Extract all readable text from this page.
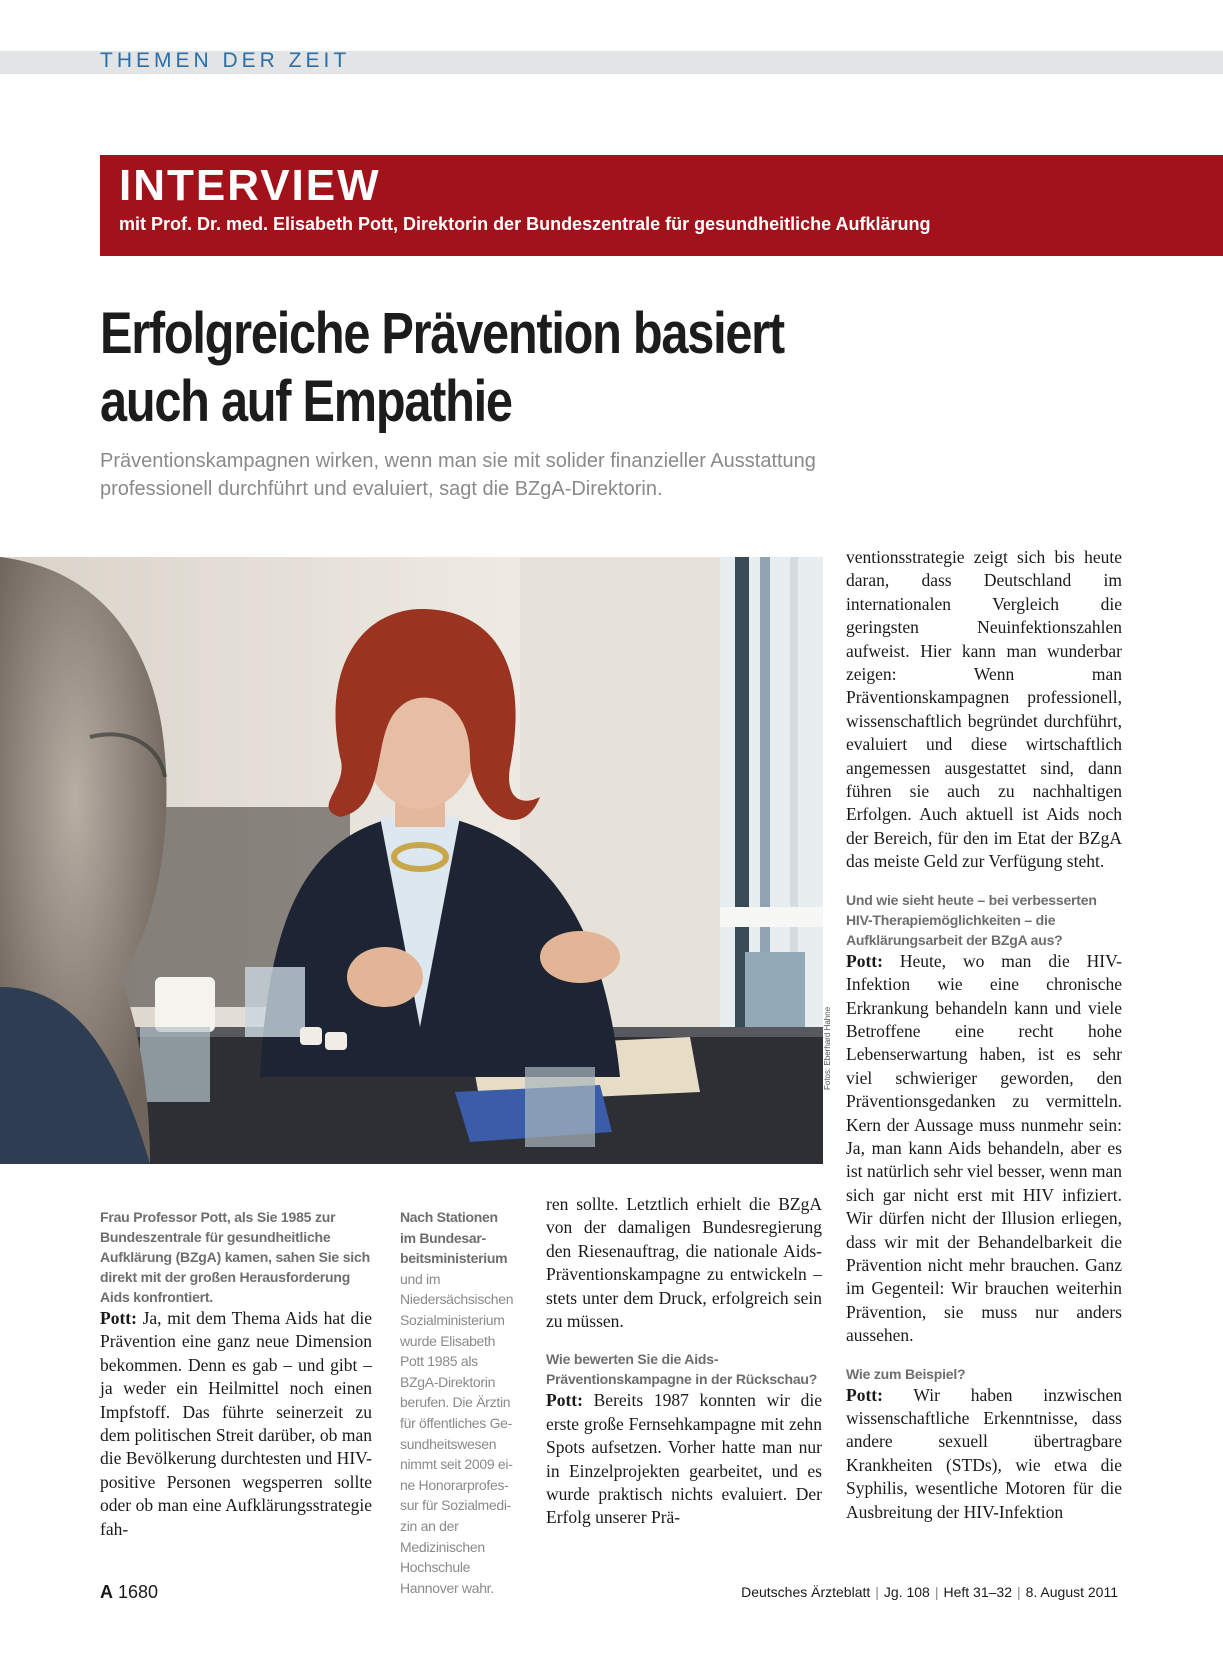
THEMEN DER ZEIT
INTERVIEW
mit Prof. Dr. med. Elisabeth Pott, Direktorin der Bundeszentrale für gesundheitliche Aufklärung
Erfolgreiche Prävention basiert
auch auf Empathie
Präventionskampagnen wirken, wenn man sie mit solider finanzieller Ausstattung
professionell durchführt und evaluiert, sagt die BZgA-Direktorin.
Fotos: Eberhard Hahne

Frau Professor Pott, als Sie 1985 zur Bundeszentrale für gesundheitliche Aufklärung (BZgA) kamen, sahen Sie sich direkt mit der großen Herausforderung Aids konfrontiert.

Pott: Ja, mit dem Thema Aids hat die Prävention eine ganz neue Dimension bekommen. Denn es gab – und gibt – ja weder ein Heilmittel noch einen Impfstoff. Das führte seinerzeit zu dem politischen Streit darüber, ob man die Bevölkerung durchtesten und HIV-positive Personen wegsperren sollte oder ob man eine Aufklärungsstrategie fah-

Nach Stationen im Bundesarbeitsministerium und im Niedersächsischen Sozialministerium wurde Elisabeth Pott 1985 als BZgA-Direktorin berufen. Die Ärztin für öffentliches Gesundheitswesen nimmt seit 2009 eine Honorarprofessur für Sozialmedizin an der Medizinischen Hochschule Hannover wahr.

ren sollte. Letztlich erhielt die BZgA von der damaligen Bundesregierung den Riesenauftrag, die nationale Aids-Präventionskampagne zu entwickeln – stets unter dem Druck, erfolgreich sein zu müssen.

Wie bewerten Sie die Aids-Präventionskampagne in der Rückschau?

Pott: Bereits 1987 konnten wir die erste große Fernsehkampagne mit zehn Spots aufsetzen. Vorher hatte man nur in Einzelprojekten gearbeitet, und es wurde praktisch nichts evaluiert. Der Erfolg unserer Prä-

ventionsstrategie zeigt sich bis heute daran, dass Deutschland im internationalen Vergleich die geringsten Neuinfektionszahlen aufweist. Hier kann man wunderbar zeigen: Wenn man Präventionskampagnen professionell, wissenschaftlich begründet durchführt, evaluiert und diese wirtschaftlich angemessen ausgestattet sind, dann führen sie auch zu nachhaltigen Erfolgen. Auch aktuell ist Aids noch der Bereich, für den im Etat der BZgA das meiste Geld zur Verfügung steht.

Und wie sieht heute – bei verbesserten HIV-Therapiemöglichkeiten – die Aufklärungsarbeit der BZgA aus?

Pott: Heute, wo man die HIV-Infektion wie eine chronische Erkrankung behandeln kann und viele Betroffene eine recht hohe Lebenserwartung haben, ist es sehr viel schwieriger geworden, den Präventionsgedanken zu vermitteln. Kern der Aussage muss nunmehr sein: Ja, man kann Aids behandeln, aber es ist natürlich sehr viel besser, wenn man sich gar nicht erst mit HIV infiziert. Wir dürfen nicht der Illusion erliegen, dass wir mit der Behandelbarkeit die Prävention nicht mehr brauchen. Ganz im Gegenteil: Wir brauchen weiterhin Prävention, sie muss nur anders aussehen.

Wie zum Beispiel?

Pott: Wir haben inzwischen wissenschaftliche Erkenntnisse, dass andere sexuell übertragbare Krankheiten (STDs), wie etwa die Syphilis, wesentliche Motoren für die Ausbreitung der HIV-Infektion

A 1680	Deutsches Ärzteblatt | Jg. 108 | Heft 31–32 | 8. August 2011
